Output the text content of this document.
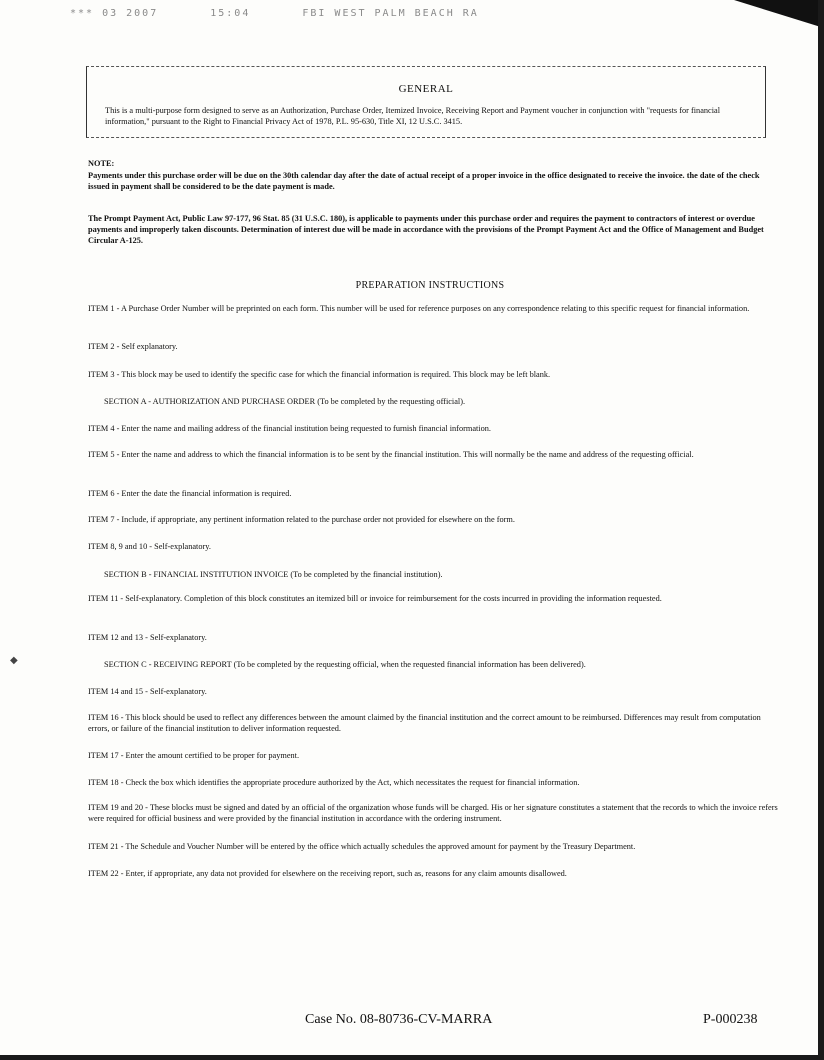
◆
*** 03 2007	15:04	FBI WEST PALM BEACH RA
GENERAL
This is a multi-purpose form designed to serve as an Authorization, Purchase Order, Itemized Invoice, Receiving Report and Payment voucher in conjunction with "requests for financial information," pursuant to the Right to Financial Privacy Act of 1978, P.L. 95-630, Title XI, 12 U.S.C. 3415.
NOTE:
Payments under this purchase order will be due on the 30th calendar day after the date of actual receipt of a proper invoice in the office designated to receive the invoice. the date of the check issued in payment shall be considered to be the date payment is made.
The Prompt Payment Act, Public Law 97-177, 96 Stat. 85 (31 U.S.C. 180), is applicable to payments under this purchase order and requires the payment to contractors of interest or overdue payments and improperly taken discounts. Determination of interest due will be made in accordance with the provisions of the Prompt Payment Act and the Office of Management and Budget Circular A-125.
PREPARATION INSTRUCTIONS
ITEM 1 - A Purchase Order Number will be preprinted on each form. This number will be used for reference purposes on any correspondence relating to this specific request for financial information.
ITEM 2 - Self explanatory.
ITEM 3 - This block may be used to identify the specific case for which the financial information is required. This block may be left blank.
SECTION A - AUTHORIZATION AND PURCHASE ORDER (To be completed by the requesting official).
ITEM 4 - Enter the name and mailing address of the financial institution being requested to furnish financial information.
ITEM 5 - Enter the name and address to which the financial information is to be sent by the financial institution. This will normally be the name and address of the requesting official.
ITEM 6 - Enter the date the financial information is required.
ITEM 7 - Include, if appropriate, any pertinent information related to the purchase order not provided for elsewhere on the form.
ITEM 8, 9 and 10 - Self-explanatory.
SECTION B - FINANCIAL INSTITUTION INVOICE (To be completed by the financial institution).
ITEM 11 - Self-explanatory. Completion of this block constitutes an itemized bill or invoice for reimbursement for the costs incurred in providing the information requested.
ITEM 12 and 13 - Self-explanatory.
SECTION C - RECEIVING REPORT (To be completed by the requesting official, when the requested financial information has been delivered).
ITEM 14 and 15 - Self-explanatory.
ITEM 16 - This block should be used to reflect any differences between the amount claimed by the financial institution and the correct amount to be reimbursed. Differences may result from computation errors, or failure of the financial institution to deliver information requested.
ITEM 17 - Enter the amount certified to be proper for payment.
ITEM 18 - Check the box which identifies the appropriate procedure authorized by the Act, which necessitates the request for financial information.
ITEM 19 and 20 - These blocks must be signed and dated by an official of the organization whose funds will be charged. His or her signature constitutes a statement that the records to which the invoice refers were required for official business and were provided by the financial institution in accordance with the ordering instrument.
ITEM 21 - The Schedule and Voucher Number will be entered by the office which actually schedules the approved amount for payment by the Treasury Department.
ITEM 22 - Enter, if appropriate, any data not provided for elsewhere on the receiving report, such as, reasons for any claim amounts disallowed.
Case No. 08-80736-CV-MARRA	P-000238
